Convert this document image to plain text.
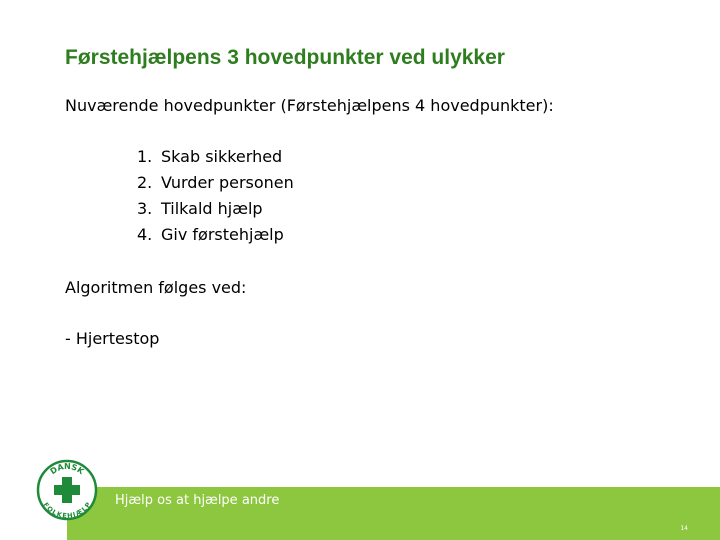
Førstehjælpens 3 hovedpunkter ved ulykker
Nuværende hovedpunkter (Førstehjælpens 4 hovedpunkter):
1. Skab sikkerhed
2. Vurder personen
3. Tilkald hjælp
4. Giv førstehjælp
Algoritmen følges ved:
- Hjertestop
Hjælp os at hjælpe andre
14
DANSK
FOLKEHJÆLP
